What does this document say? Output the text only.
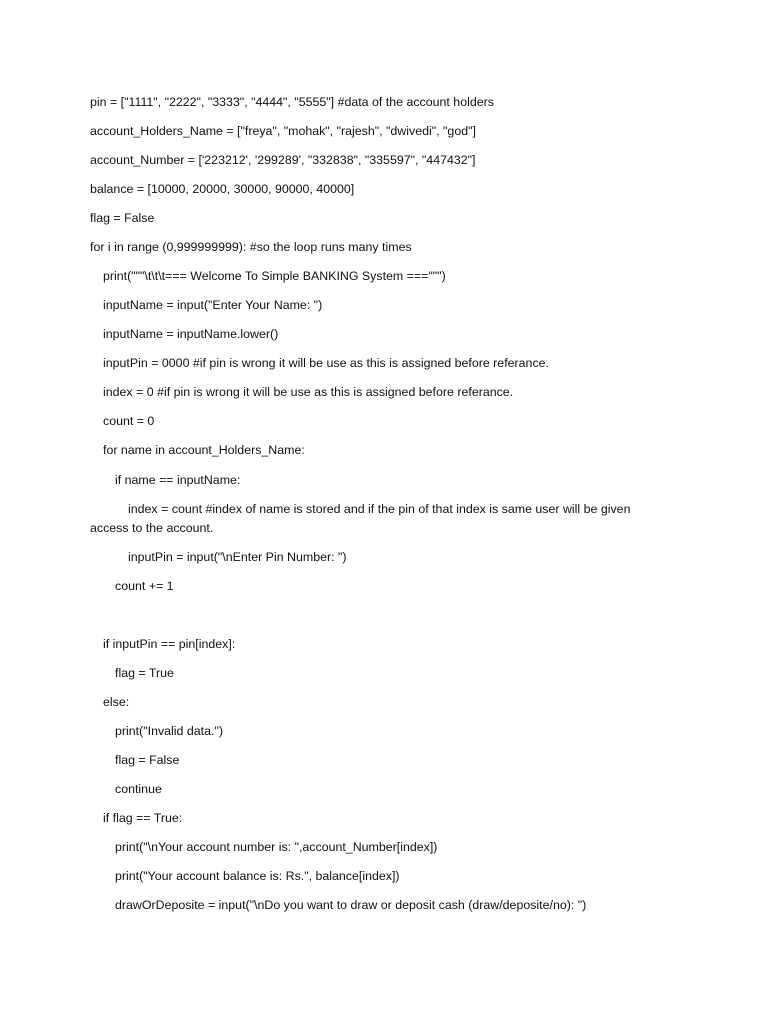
pin = ["1111", "2222", "3333", "4444", "5555"] #data of the account holders
account_Holders_Name = ["freya", "mohak", "rajesh", "dwivedi", "god"]
account_Number = ['223212', '299289', "332838", "335597", "447432"]
balance = [10000, 20000, 30000, 90000, 40000]
flag = False
for i in range (0,999999999): #so the loop runs many times
print("""\t\t\t=== Welcome To Simple BANKING System ===""")
inputName = input("Enter Your Name: ")
inputName = inputName.lower()
inputPin = 0000 #if pin is wrong it will be use as this is assigned before referance.
index = 0 #if pin is wrong it will be use as this is assigned before referance.
count = 0
for name in account_Holders_Name:
if name == inputName:
index = count #index of name is stored and if the pin of that index is same user will be given
access to the account.
inputPin = input("\nEnter Pin Number: ")
count += 1
if inputPin == pin[index]:
flag = True
else:
print("Invalid data.")
flag = False
continue
if flag == True:
print("\nYour account number is: ",account_Number[index])
print("Your account balance is: Rs.", balance[index])
drawOrDeposite = input("\nDo you want to draw or deposit cash (draw/deposite/no): ")
